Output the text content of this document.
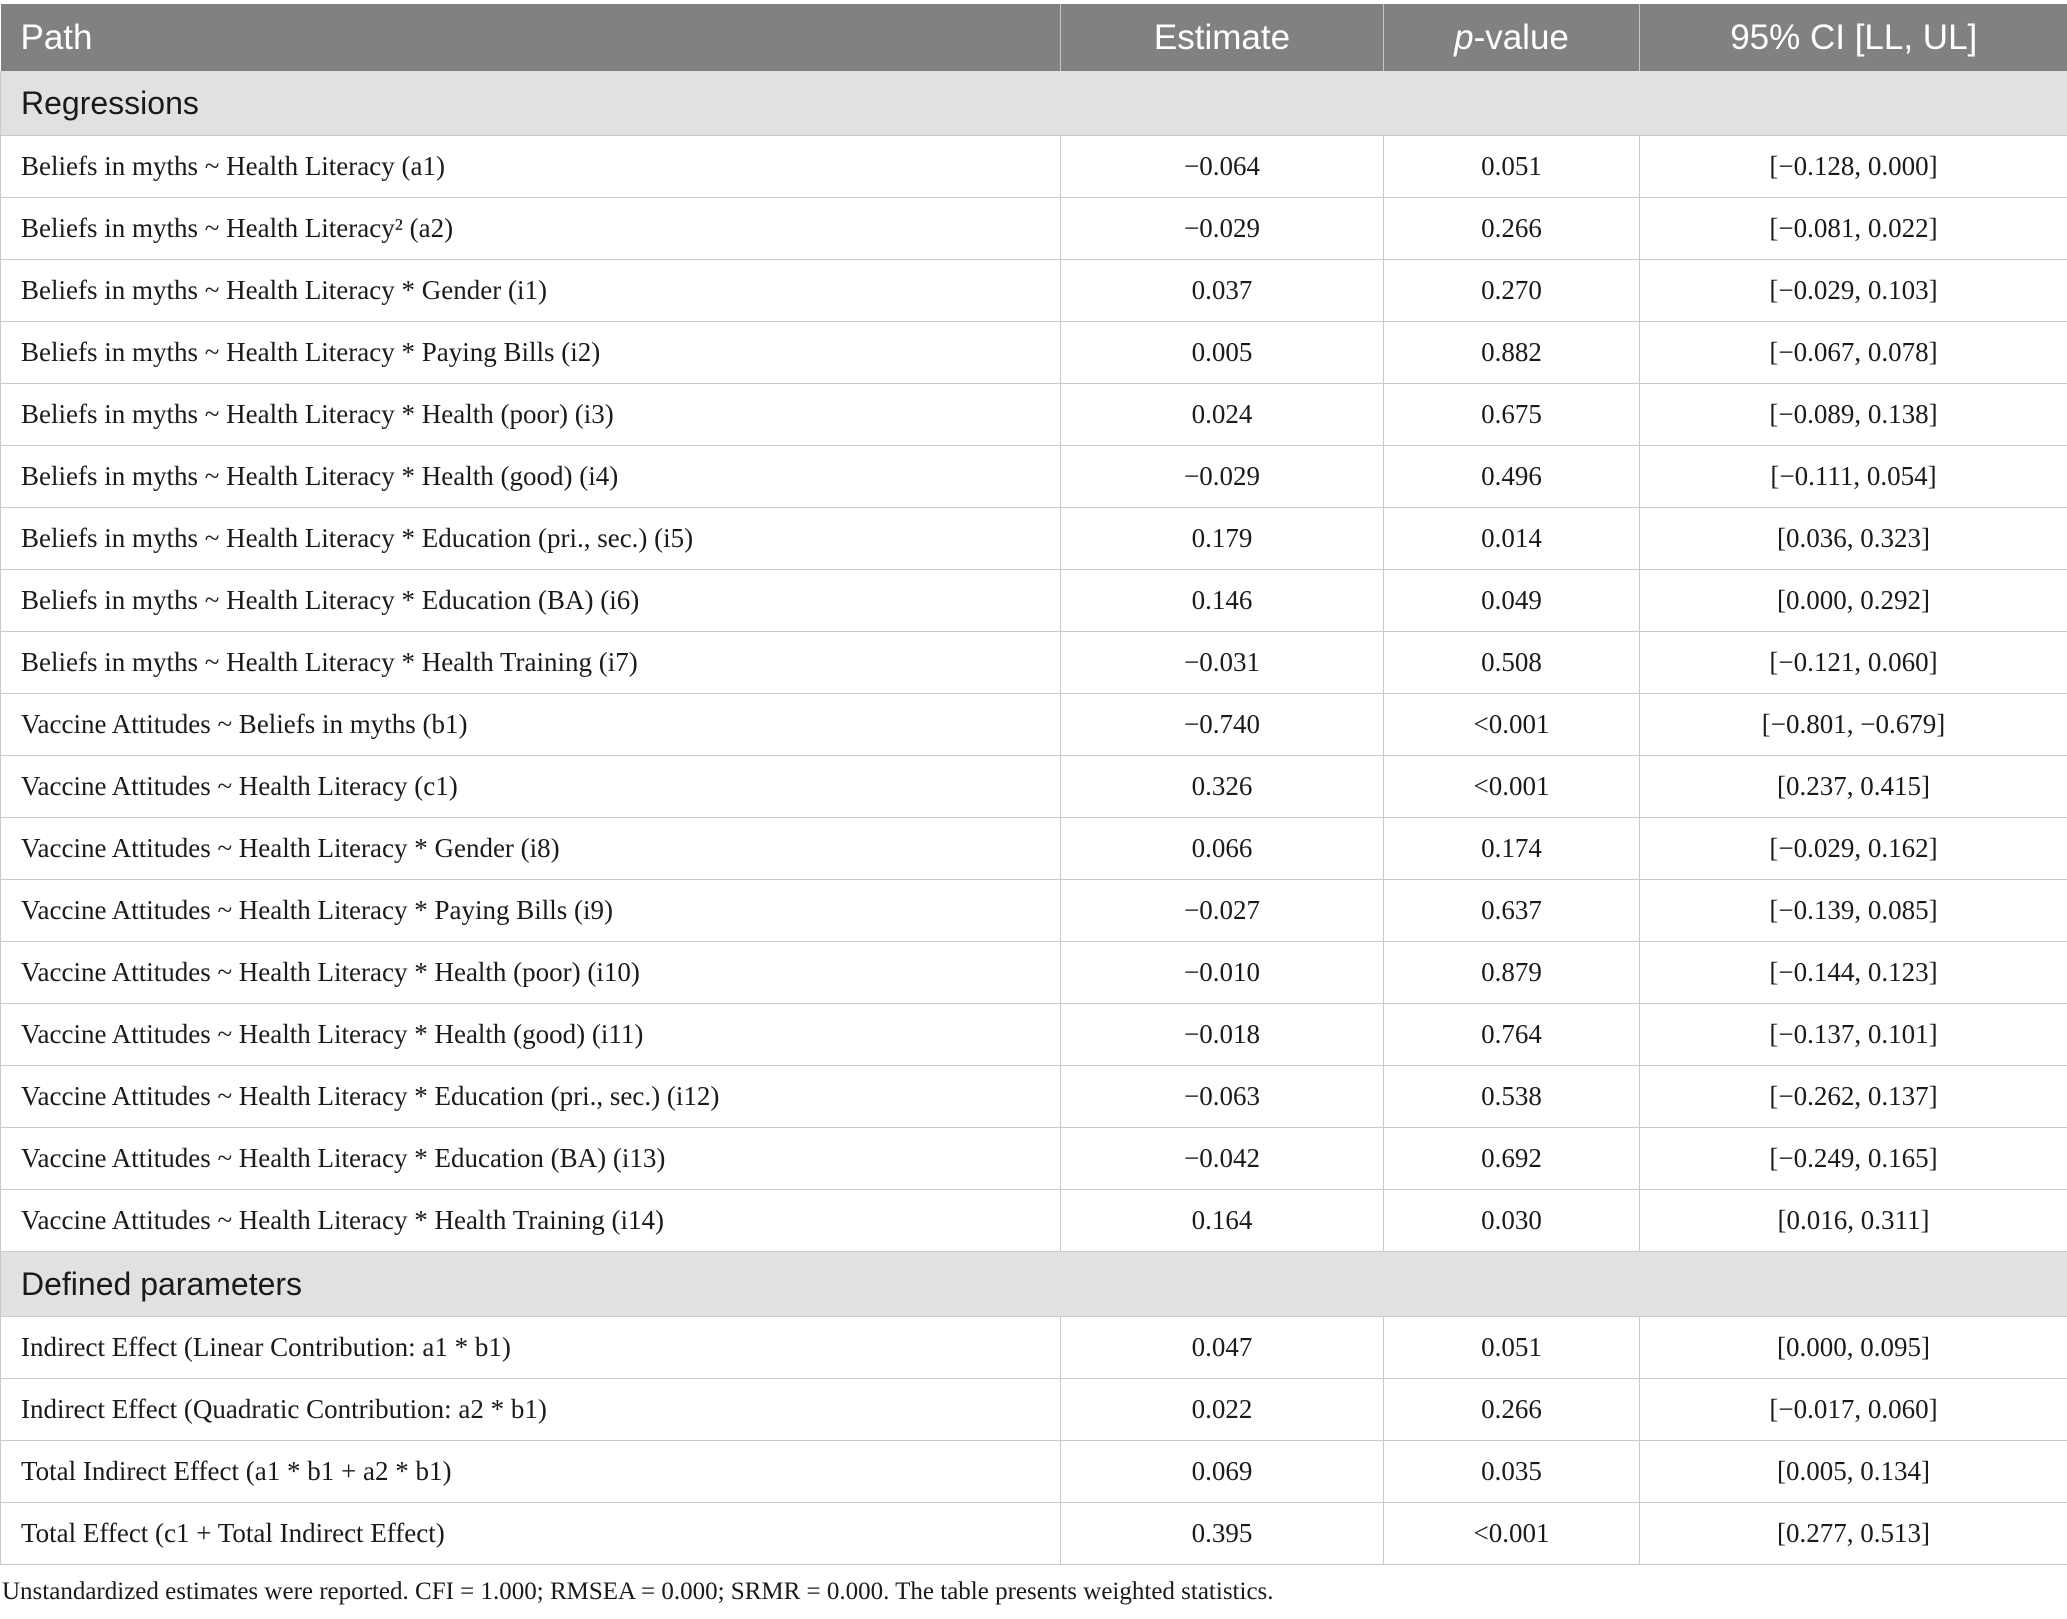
Path	Estimate	p-value	95% CI [LL, UL]
Regressions			
Beliefs in myths ~ Health Literacy (a1)	−0.064	0.051	[−0.128, 0.000]
Beliefs in myths ~ Health Literacy² (a2)	−0.029	0.266	[−0.081, 0.022]
Beliefs in myths ~ Health Literacy * Gender (i1)	0.037	0.270	[−0.029, 0.103]
Beliefs in myths ~ Health Literacy * Paying Bills (i2)	0.005	0.882	[−0.067, 0.078]
Beliefs in myths ~ Health Literacy * Health (poor) (i3)	0.024	0.675	[−0.089, 0.138]
Beliefs in myths ~ Health Literacy * Health (good) (i4)	−0.029	0.496	[−0.111, 0.054]
Beliefs in myths ~ Health Literacy * Education (pri., sec.) (i5)	0.179	0.014	[0.036, 0.323]
Beliefs in myths ~ Health Literacy * Education (BA) (i6)	0.146	0.049	[0.000, 0.292]
Beliefs in myths ~ Health Literacy * Health Training (i7)	−0.031	0.508	[−0.121, 0.060]
Vaccine Attitudes ~ Beliefs in myths (b1)	−0.740	<0.001	[−0.801, −0.679]
Vaccine Attitudes ~ Health Literacy (c1)	0.326	<0.001	[0.237, 0.415]
Vaccine Attitudes ~ Health Literacy * Gender (i8)	0.066	0.174	[−0.029, 0.162]
Vaccine Attitudes ~ Health Literacy * Paying Bills (i9)	−0.027	0.637	[−0.139, 0.085]
Vaccine Attitudes ~ Health Literacy * Health (poor) (i10)	−0.010	0.879	[−0.144, 0.123]
Vaccine Attitudes ~ Health Literacy * Health (good) (i11)	−0.018	0.764	[−0.137, 0.101]
Vaccine Attitudes ~ Health Literacy * Education (pri., sec.) (i12)	−0.063	0.538	[−0.262, 0.137]
Vaccine Attitudes ~ Health Literacy * Education (BA) (i13)	−0.042	0.692	[−0.249, 0.165]
Vaccine Attitudes ~ Health Literacy * Health Training (i14)	0.164	0.030	[0.016, 0.311]
Defined parameters			
Indirect Effect (Linear Contribution: a1 * b1)	0.047	0.051	[0.000, 0.095]
Indirect Effect (Quadratic Contribution: a2 * b1)	0.022	0.266	[−0.017, 0.060]
Total Indirect Effect (a1 * b1 + a2 * b1)	0.069	0.035	[0.005, 0.134]
Total Effect (c1 + Total Indirect Effect)	0.395	<0.001	[0.277, 0.513]
Unstandardized estimates were reported. CFI = 1.000; RMSEA = 0.000; SRMR = 0.000. The table presents weighted statistics.
